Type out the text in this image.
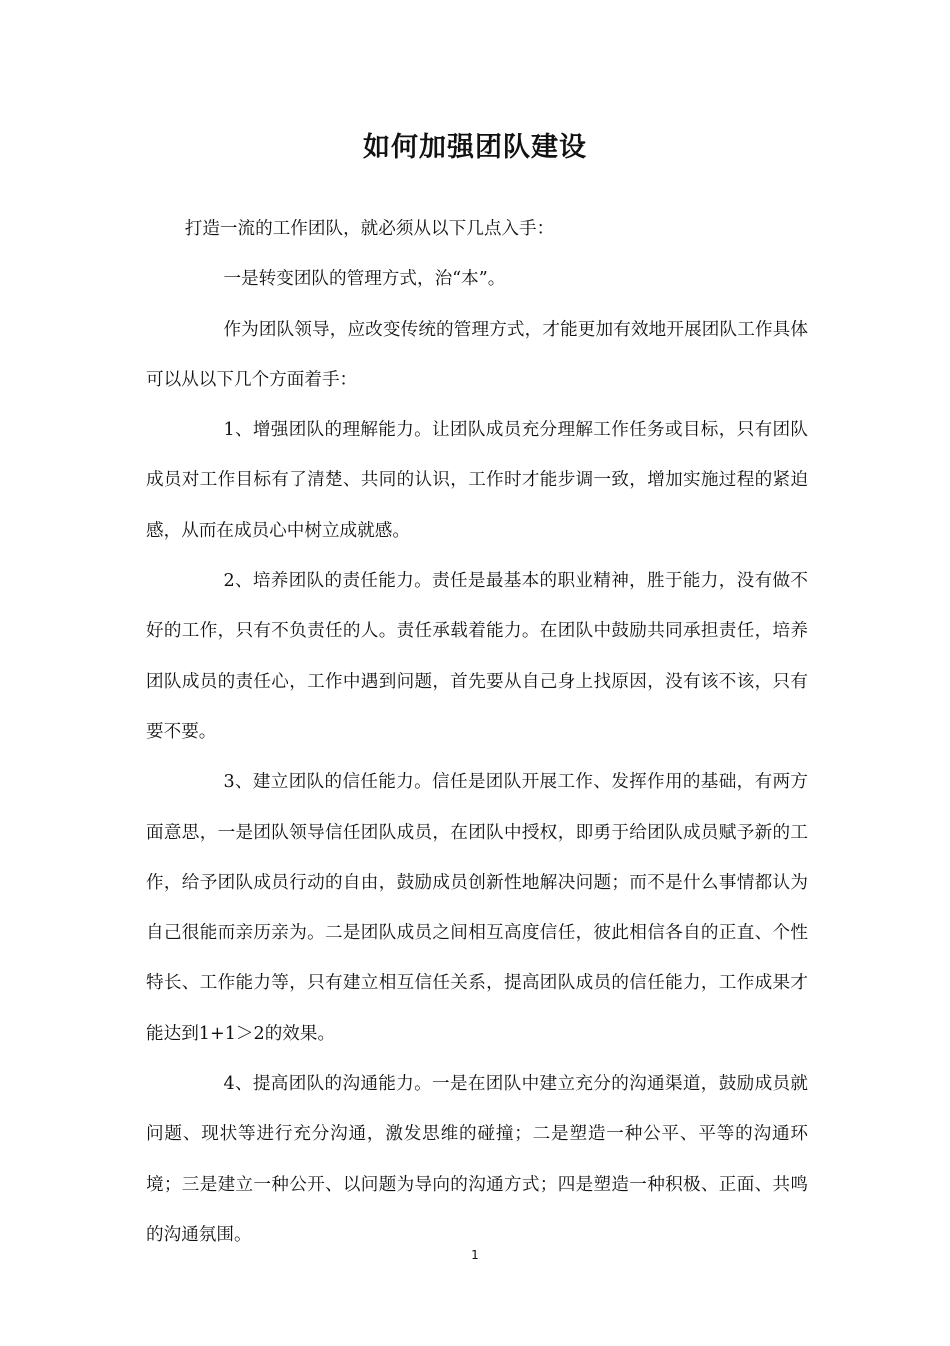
如何加强团队建设

打造一流的工作团队，就必须从以下几点入手：

一是转变团队的管理方式，治“本”。

作为团队领导，应改变传统的管理方式，才能更加有效地开展团队工作具体可以从以下几个方面着手：

1、增强团队的理解能力。让团队成员充分理解工作任务或目标，只有团队成员对工作目标有了清楚、共同的认识，工作时才能步调一致，增加实施过程的紧迫感，从而在成员心中树立成就感。

2、培养团队的责任能力。责任是最基本的职业精神，胜于能力，没有做不好的工作，只有不负责任的人。责任承载着能力。在团队中鼓励共同承担责任，培养团队成员的责任心，工作中遇到问题，首先要从自己身上找原因，没有该不该，只有要不要。

3、建立团队的信任能力。信任是团队开展工作、发挥作用的基础，有两方面意思，一是团队领导信任团队成员，在团队中授权，即勇于给团队成员赋予新的工作，给予团队成员行动的自由，鼓励成员创新性地解决问题；而不是什么事情都认为自己很能而亲历亲为。二是团队成员之间相互高度信任，彼此相信各自的正直、个性特长、工作能力等，只有建立相互信任关系，提高团队成员的信任能力，工作成果才能达到1+1＞2的效果。

4、提高团队的沟通能力。一是在团队中建立充分的沟通渠道，鼓励成员就问题、现状等进行充分沟通，激发思维的碰撞；二是塑造一种公平、平等的沟通环境；三是建立一种公开、以问题为导向的沟通方式；四是塑造一种积极、正面、共鸣的沟通氛围。

1
